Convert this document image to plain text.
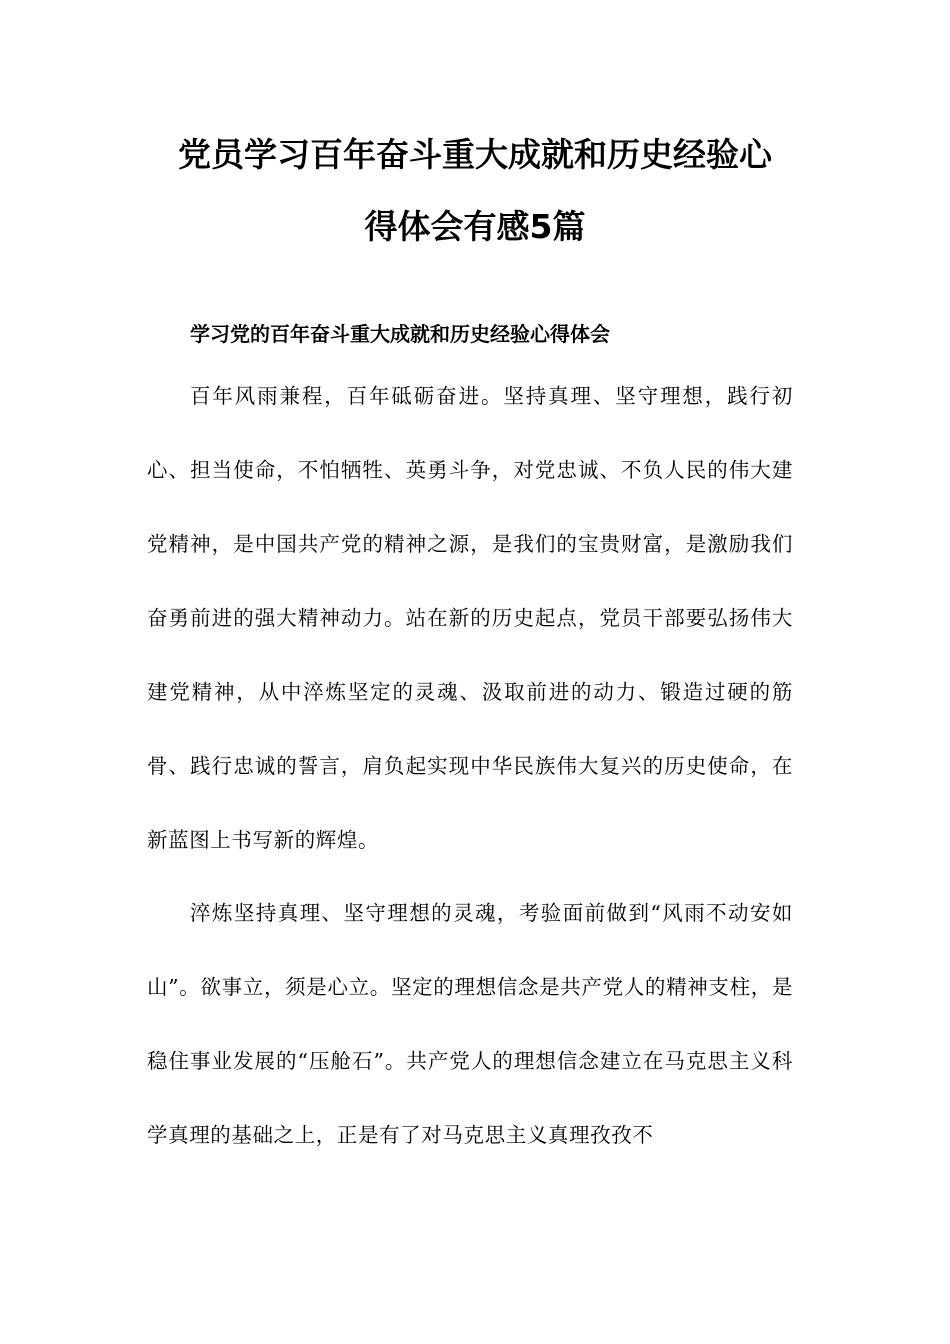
党员学习百年奋斗重大成就和历史经验心
得体会有感5篇
学习党的百年奋斗重大成就和历史经验心得体会

百年风雨兼程，百年砥砺奋进。坚持真理、坚守理想，践行初心、担当使命，不怕牺牲、英勇斗争，对党忠诚、不负人民的伟大建党精神，是中国共产党的精神之源，是我们的宝贵财富，是激励我们奋勇前进的强大精神动力。站在新的历史起点，党员干部要弘扬伟大建党精神，从中淬炼坚定的灵魂、汲取前进的动力、锻造过硬的筋骨、践行忠诚的誓言，肩负起实现中华民族伟大复兴的历史使命，在新蓝图上书写新的辉煌。

淬炼坚持真理、坚守理想的灵魂，考验面前做到“风雨不动安如山”。欲事立，须是心立。坚定的理想信念是共产党人的精神支柱，是稳住事业发展的“压舱石”。共产党人的理想信念建立在马克思主义科学真理的基础之上，正是有了对马克思主义真理孜孜不
